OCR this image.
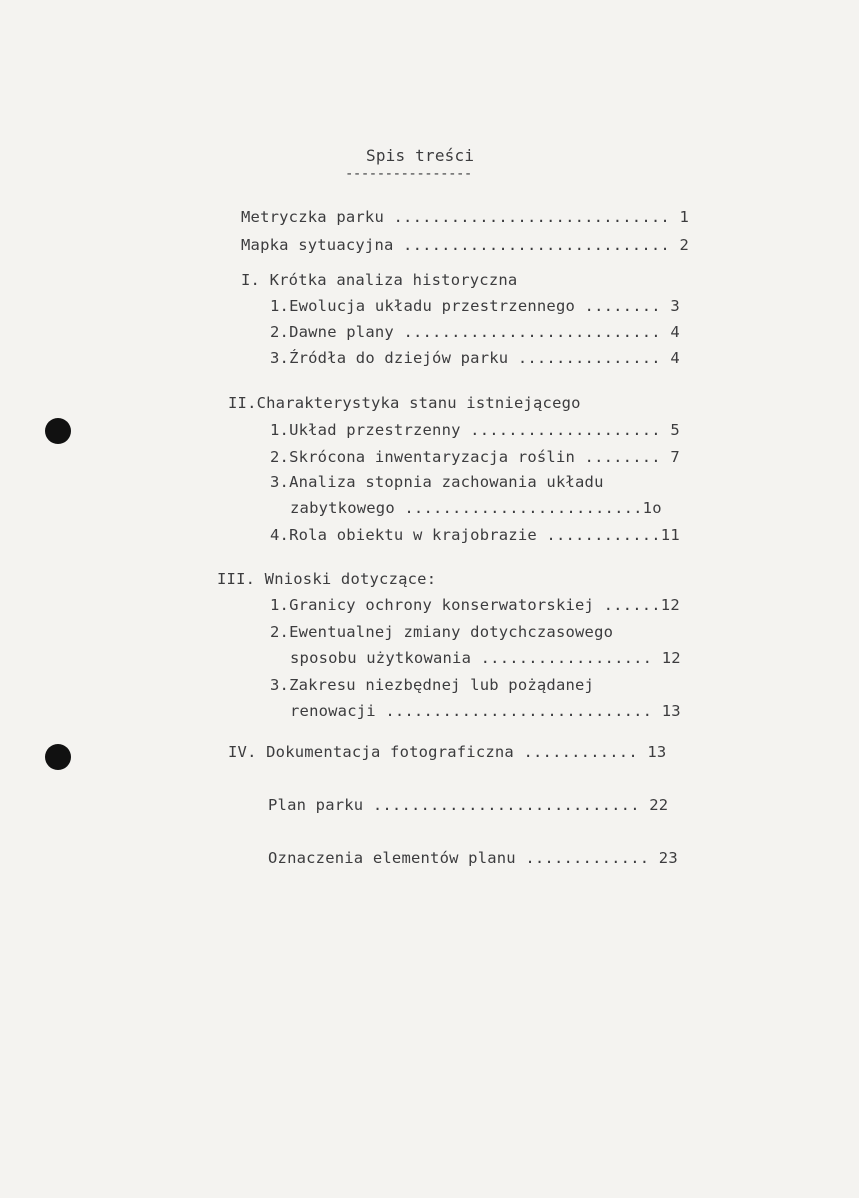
Spis treści
----------------
Metryczka parku ............................. 1
Mapka sytuacyjna ............................ 2
I. Krótka analiza historyczna
1.Ewolucja układu przestrzennego ........ 3
2.Dawne plany ........................... 4
3.Źródła do dziejów parku ............... 4
II.Charakterystyka stanu istniejącego
1.Układ przestrzenny .................... 5
2.Skrócona inwentaryzacja roślin ........ 7
3.Analiza stopnia zachowania układu
zabytkowego .........................1o
4.Rola obiektu w krajobrazie ............11
III. Wnioski dotyczące:
1.Granicy ochrony konserwatorskiej ......12
2.Ewentualnej zmiany dotychczasowego
sposobu użytkowania .................. 12
3.Zakresu niezbędnej lub pożądanej
renowacji ............................ 13
IV. Dokumentacja fotograficzna ............ 13
Plan parku ............................ 22
Oznaczenia elementów planu ............. 23
